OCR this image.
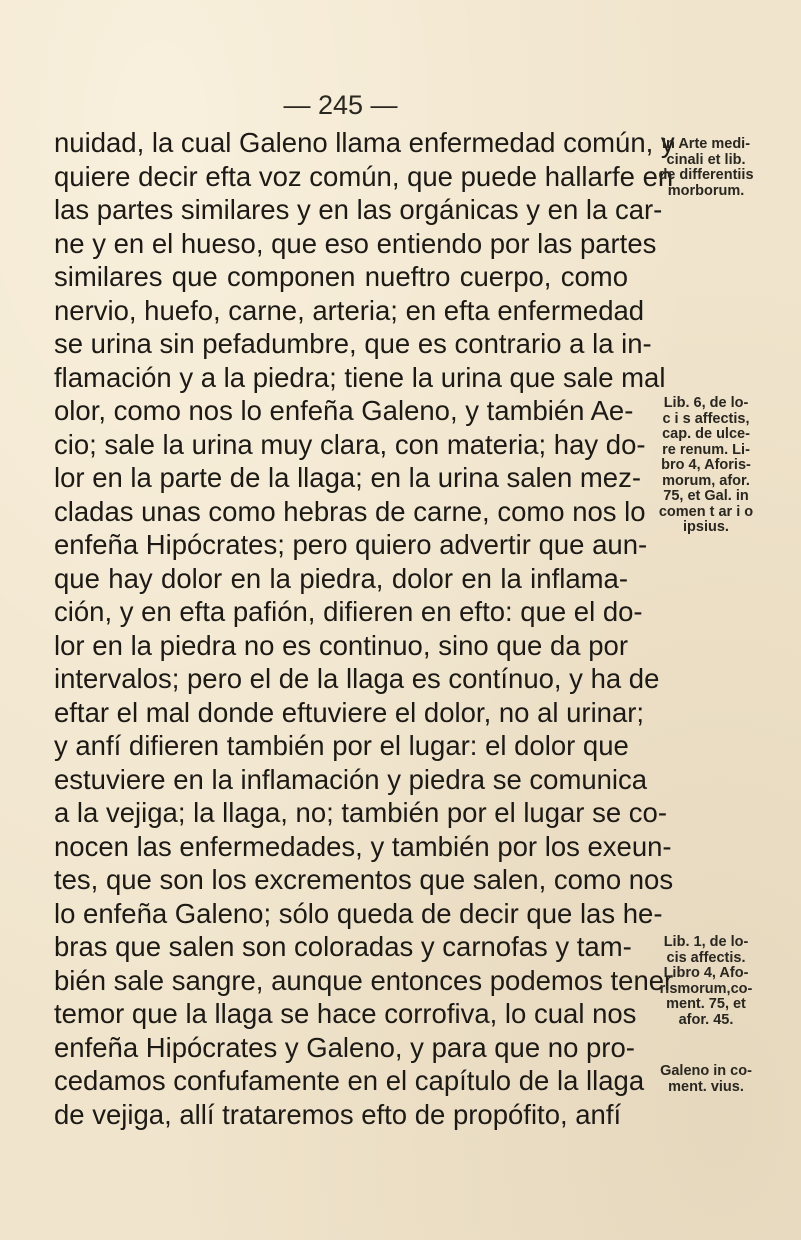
— 245 —
nuidad, la cual Galeno llama enfermedad común, y
quiere decir efta voz común, que puede hallarfe en
las partes similares y en las orgánicas y en la car-
ne y en el hueso, que eso entiendo por las partes
similares que componen nueftro cuerpo, como
nervio, huefo, carne, arteria; en efta enfermedad
se urina sin pefadumbre, que es contrario a la in-
flamación y a la piedra; tiene la urina que sale mal
olor, como nos lo enfeña Galeno, y también Ae-
cio; sale la urina muy clara, con materia; hay do-
lor en la parte de la llaga; en la urina salen mez-
cladas unas como hebras de carne, como nos lo
enfeña Hipócrates; pero quiero advertir que aun-
que hay dolor en la piedra, dolor en la inflama-
ción, y en efta pafión, difieren en efto: que el do-
lor en la piedra no es continuo, sino que da por
intervalos; pero el de la llaga es contínuo, y ha de
eftar el mal donde eftuviere el dolor, no al urinar;
y anfí difieren también por el lugar: el dolor que
estuviere en la inflamación y piedra se comunica
a la vejiga; la llaga, no; también por el lugar se co-
nocen las enfermedades, y también por los exeun-
tes, que son los excrementos que salen, como nos
lo enfeña Galeno; sólo queda de decir que las he-
bras que salen son coloradas y carnofas y tam-
bién sale sangre, aunque entonces podemos tener
temor que la llaga se hace corrofiva, lo cual nos
enfeña Hipócrates y Galeno, y para que no pro-
cedamos confufamente en el capítulo de la llaga
de vejiga, allí trataremos efto de propófito, anfí
In Arte medi-
cinali et lib.
de differentiis
morborum.
Lib. 6, de lo-
c i s affectis,
cap. de ulce-
re renum. Li-
bro 4, Aforis-
morum, afor.
75, et Gal. in
comen t ar i o
ipsius.
Lib. 1, de lo-
cis affectis.
Libro 4, Afo-
rismorum,co-
ment. 75, et
afor. 45.
Galeno in co-
ment. vius.
